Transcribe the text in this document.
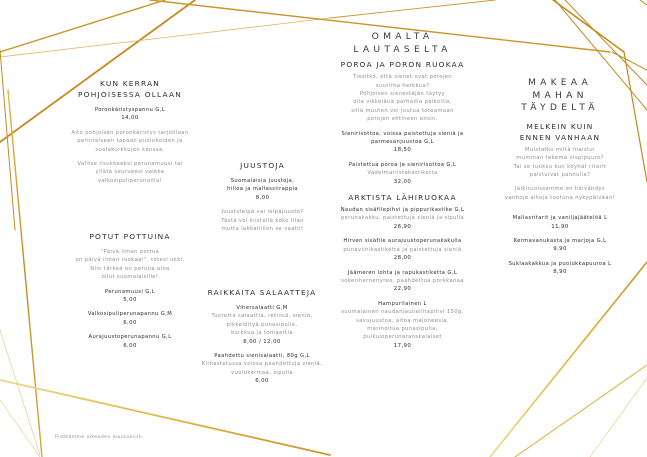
KUN KERRAN

POHJOISESSA OLLAAN

Poronkäristyspannu G,L

14,00

Aito pohjoisen poronkäristys tarjoillaan

perinteiseen tapaan puolukoiden ja

suolakurkkujen kanssa.

Valitse lisukkeeksi perunamuusi tai

yllätä seurueesi vaikka

valkosipuliperunoilla!

POTUT POTTUINA

"Päivä ilman pottua

on päivä ilman ruokaa!", totesi ukki.

Niin tärkeä on peruna aina

ollut suomalaisille!

Perunamuusi G,L

5,00

Valkosipuliperunapannu G,M

6,00

Aurajuustoperunapannu G,L

6,00

Pidätämme oikeuden muutoksiin.

JUUSTOJA

Suomalaisia juustoja,

hilloa ja mallassiirappia

8,00

Juustoleipä vai leipäjuusto?

Tästä voi kiistellä koko illan

mutta lakkahillon se vaatii!

RAIKKAITA SALAATTEJA

Vihersalaatti G,M

Tuoretta salaattia, retiisiä, sieniä,

pikkelöityä punasipulia,

kurkkua ja tomaattia

6,00 / 12,00

Paahdettu sienisalaatti, 80g G,L

Kirkastetussa voissa paahdettuja sieniä,

vuolukermaa, sipulia

6,00

OMALTA

LAUTASELTA

POROA JA PORON RUOKAA

Tiesitkö, että sienet ovat porojen

suurinta herkkua?

Pohjoisen sienestäjän täytyy

olla vikkelänä parhailla paikoilla,

sillä muuten voi joutua toteamaan

porojen ehtineen ensin.

Sienirisottoa, voissa paistettuja sieniä ja

parmesanjuustoa G,L

18,50

Paistettua poroa ja sienirisottoa G,L

Vadelmariistakastiketta

32,00

ARKTISTA LÄHIRUOKAA

Naudan sisäfilepihvi ja pippurikastike G,L

perunakakku, paistettuja sieniä ja sipulia

26,90

Hirven sisäfile aurajuustoperunakakulla

punaviinikastiketta ja paistettuja sieniä

28,00

Jäämeren lohta ja rapukastiketta G,L

sokeriherneпyree, paahdettua porkkanaa

22,90

Hampurilainen L

suomalainen naudanjauhelihapihvi 150g,

savujuustoa, aitoa majoneesia,

marinoitua punasipulia,

puikuloperunaranskalaiset

17,90

MAKEAA

MAHAN

TÄYDELTÄ

MELKEIN KUIN

ENNEN VANHAAN

Muistatko miltä maistui

mumman tekemä vispipuuro?

Tai se tuoksu kun köyhät ritarit

paistuivat pannulla?

Jälkiruoissamme on häivähdys

vanhoja aikoja tuotuna nykypäivään!

Mallasritarit ja vaniljajäätelöä L

11,90

Kermavanukasta ja marjoja G,L

9,90

Suklaakakkua ja puolukkapuuroa L

8,90
